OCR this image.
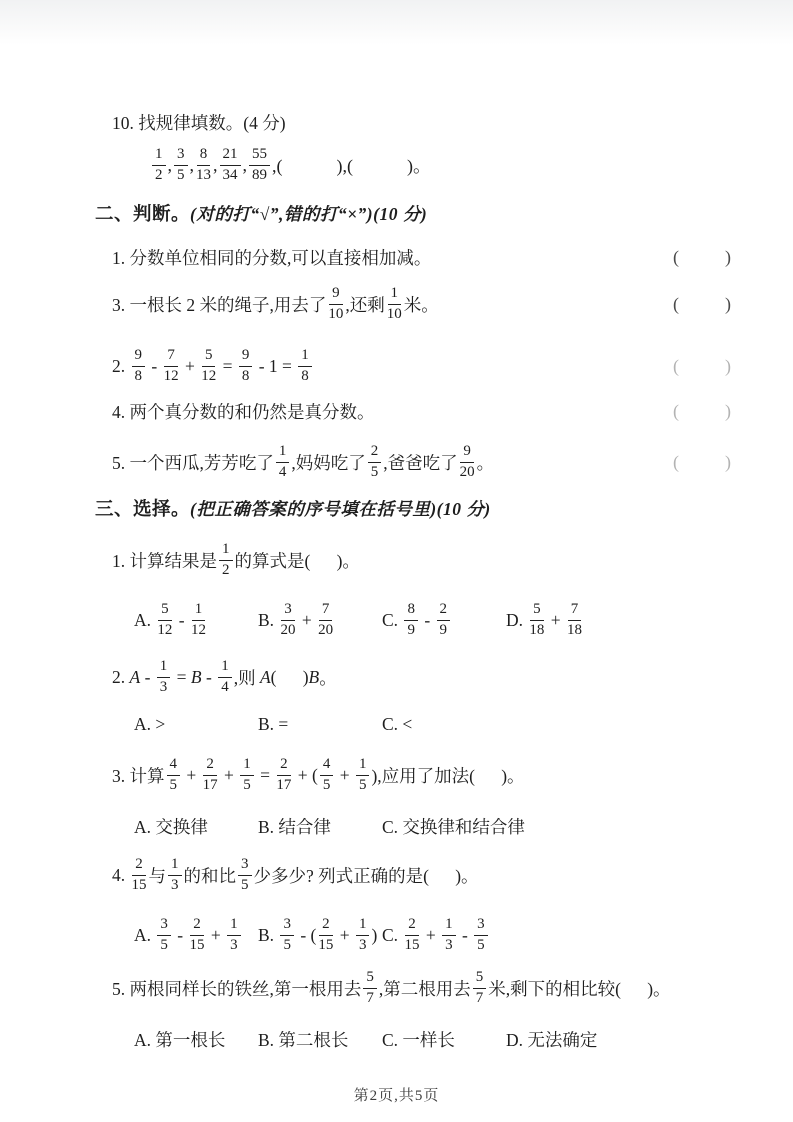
10. 找规律填数。(4 分)
$\frac{1}{2}$ , $\frac{3}{5}$ , $\frac{8}{13}$ , $\frac{21}{34}$ , $\frac{55}{89}$ ,(            ),(            )。
二、判断。 (对的打“√”,错的打“×”)(10 分)
1. 分数单位相同的分数,可以直接相加减。	(	)
3. 一根长 2 米的绳子,用去了 $\frac{9}{10}$ ,还剩 $\frac{1}{10}$ 米。	(	)
2. $\frac{9}{8} - \frac{7}{12} + \frac{5}{12} = \frac{9}{8} - 1 = \frac{1}{8}$	(	)
4. 两个真分数的和仍然是真分数。	(	)
5. 一个西瓜,芳芳吃了 $\frac{1}{4}$ ,妈妈吃了 $\frac{2}{5}$ ,爸爸吃了 $\frac{9}{20}$ 。	(	)
三、选择。 (把正确答案的序号填在括号里)(10 分)
1. 计算结果是 $\frac{1}{2}$ 的算式是(      )。
A. $\frac{5}{12} - \frac{1}{12}$	B. $\frac{3}{20} + \frac{7}{20}$	C. $\frac{8}{9} - \frac{2}{9}$	D. $\frac{5}{18} + \frac{7}{18}$
2. $A - \frac{1}{3} = B - \frac{1}{4}$ ,则 A (      ) B 。
A. >	B. =	C. <
3. 计算 $\frac{4}{5} + \frac{2}{17} + \frac{1}{5} = \frac{2}{17}$ + ( $\frac{4}{5} + \frac{1}{5}$ ),应用了加法(      )。
A. 交换律	B. 结合律	C. 交换律和结合律
4. $\frac{2}{15}$ 与 $\frac{1}{3}$ 的和比 $\frac{3}{5}$ 少多少? 列式正确的是(      )。
A. $\frac{3}{5} - \frac{2}{15} + \frac{1}{3} B$. $\frac{3}{5}$ - ( $\frac{2}{15} + \frac{1}{3}$ ) C. $\frac{2}{15} + \frac{1}{3} - \frac{3}{5}$
5. 两根同样长的铁丝,第一根用去 $\frac{5}{7}$ ,第二根用去 $\frac{5}{7}$ 米,剩下的相比较(      )。
A. 第一根长 B. 第二根长 C. 一样长	D. 无法确定
第2页,共5页
